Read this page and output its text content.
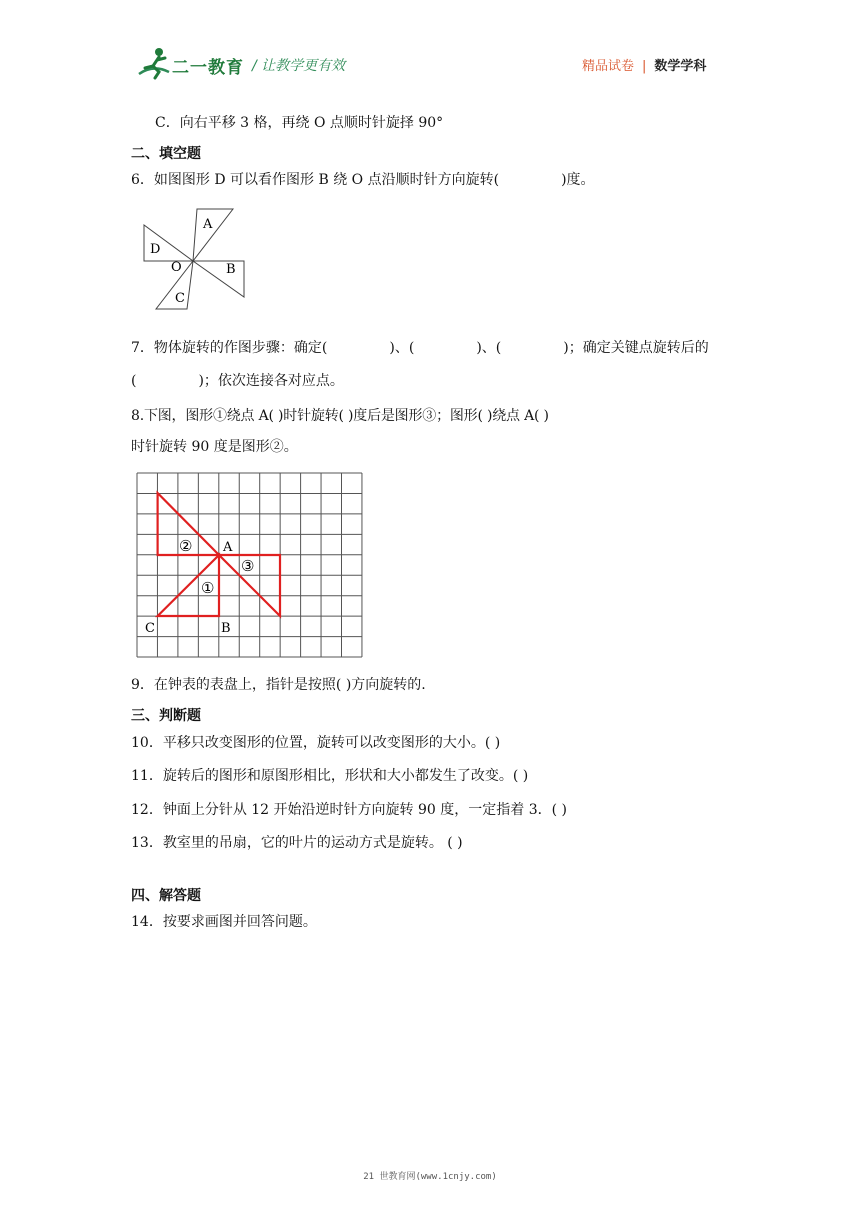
二一教育 / 让教学更有效	精品试卷 | 数学学科
C．向右平移 3 格，再绕 O 点顺时针旋择 90°
二、填空题
6．如图图形 D 可以看作图形 B 绕 O 点沿顺时针方向旋转(	)度。
A
B
C
D
O
7．物体旋转的作图步骤：确定(	)、(	)、(	)；确定关键点旋转后的
(	)；依次连接各对应点。
8.下图，图形①绕点 A( )时针旋转( )度后是图形③；图形( )绕点 A( )
时针旋转 90 度是图形②。
A
B
C
①
②
③
9．在钟表的表盘上，指针是按照( )方向旋转的.
三、判断题
10．平移只改变图形的位置，旋转可以改变图形的大小。( )
11．旋转后的图形和原图形相比，形状和大小都发生了改变。( )
12．钟面上分针从 12 开始沿逆时针方向旋转 90 度，一定指着 3．( )
13．教室里的吊扇，它的叶片的运动方式是旋转。 ( )
四、解答题
14．按要求画图并回答问题。
21 世教育网(www.1cnjy.com)
